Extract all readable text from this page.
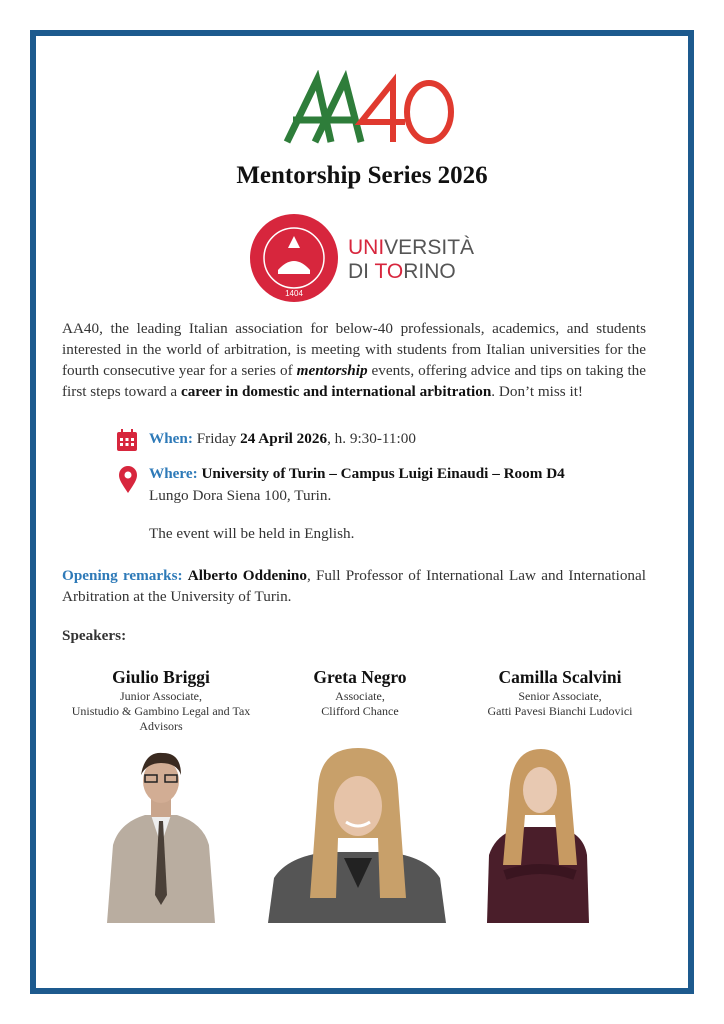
Mentorship Series 2026
1404
UNIVERSITÀ
DI TORINO
AA40, the leading Italian association for below-40 professionals, academics, and students interested in the world of arbitration, is meeting with students from Italian universities for the fourth consecutive year for a series of mentorship events, offering advice and tips on taking the first steps toward a career in domestic and international arbitration. Don’t miss it!
When: Friday 24 April 2026, h. 9:30-11:00
Where: University of Turin – Campus Luigi Einaudi – Room D4
Lungo Dora Siena 100, Turin.
The event will be held in English.
Opening remarks: Alberto Oddenino, Full Professor of International Law and International Arbitration at the University of Turin.
Speakers:
Giulio Briggi
Junior Associate,
Unistudio & Gambino Legal and Tax Advisors
Greta Negro
Associate,
Clifford Chance
Camilla Scalvini
Senior Associate,
Gatti Pavesi Bianchi Ludovici
